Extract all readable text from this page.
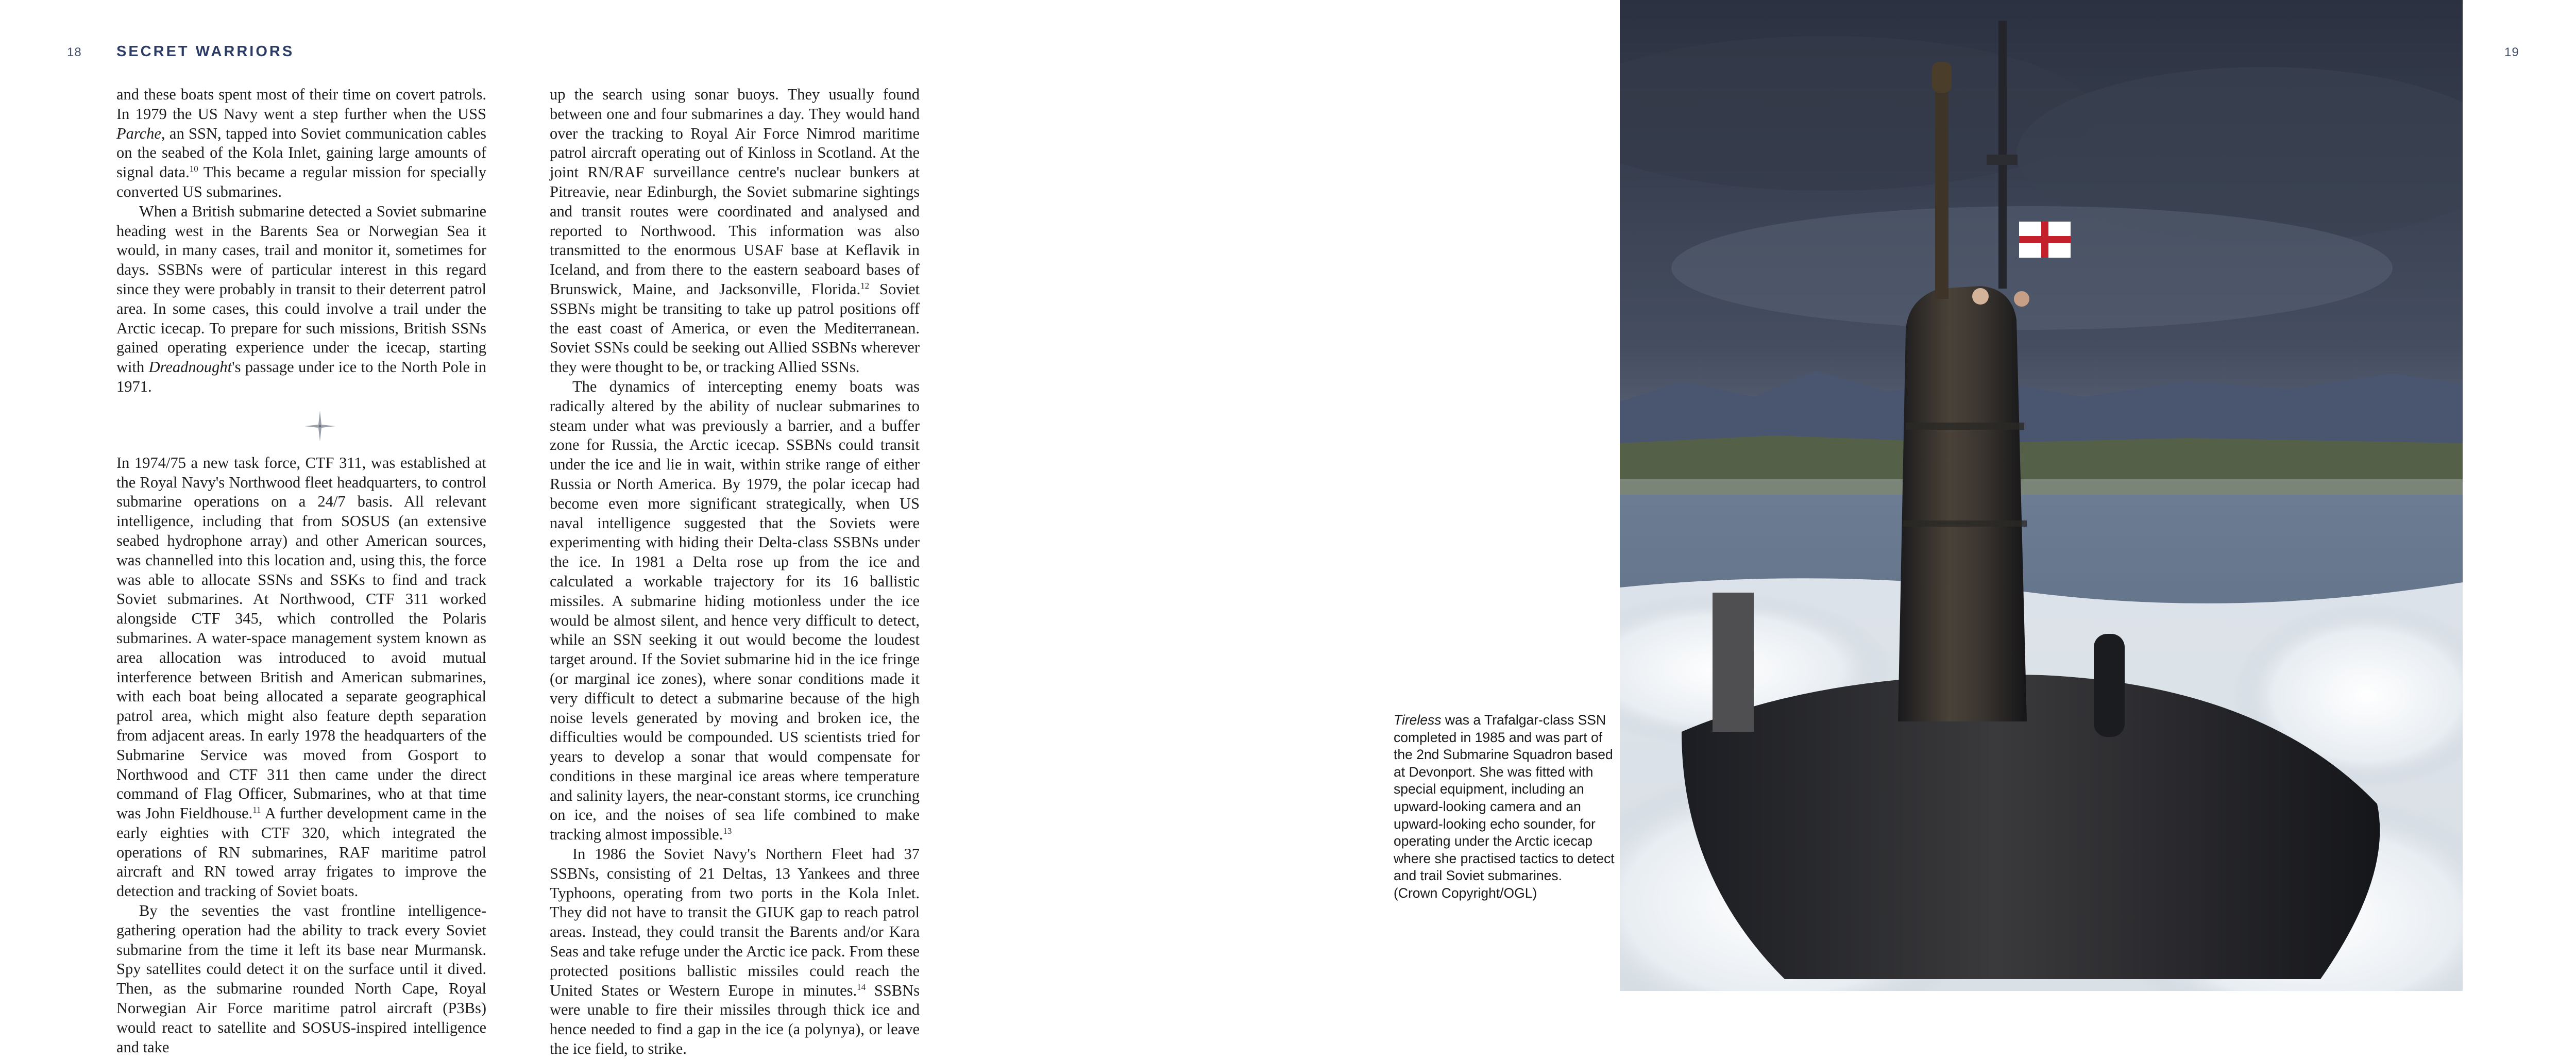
18 SECRET WARRIORS

and these boats spent most of their time on covert patrols. In 1979 the US Navy went a step further when the USS Parche, an SSN, tapped into Soviet communication cables on the seabed of the Kola Inlet, gaining large amounts of signal data.$^{10}$ This became a regular mission for specially converted US submarines.

When a British submarine detected a Soviet submarine heading west in the Barents Sea or Norwegian Sea it would, in many cases, trail and monitor it, sometimes for days. SSBNs were of particular interest in this regard since they were probably in transit to their deterrent patrol area. In some cases, this could involve a trail under the Arctic icecap. To prepare for such missions, British SSNs gained operating experience under the icecap, starting with Dreadnought's passage under ice to the North Pole in 1971.

In 1974/75 a new task force, CTF 311, was established at the Royal Navy's Northwood fleet headquarters, to control submarine operations on a 24/7 basis. All relevant intelligence, including that from SOSUS (an extensive seabed hydrophone array) and other American sources, was channelled into this location and, using this, the force was able to allocate SSNs and SSKs to find and track Soviet submarines. At Northwood, CTF 311 worked alongside CTF 345, which controlled the Polaris submarines. A water-space management system known as area allocation was introduced to avoid mutual interference between British and American submarines, with each boat being allocated a separate geographical patrol area, which might also feature depth separation from adjacent areas. In early 1978 the headquarters of the Submarine Service was moved from Gosport to Northwood and CTF 311 then came under the direct command of Flag Officer, Submarines, who at that time was John Fieldhouse.$^{11}$ A further development came in the early eighties with CTF 320, which integrated the operations of RN submarines, RAF maritime patrol aircraft and RN towed array frigates to improve the detection and tracking of Soviet boats.

By the seventies the vast frontline intelligence-gathering operation had the ability to track every Soviet submarine from the time it left its base near Murmansk. Spy satellites could detect it on the surface until it dived. Then, as the submarine rounded North Cape, Royal Norwegian Air Force maritime patrol aircraft (P3Bs) would react to satellite and SOSUS-inspired intelligence and take

up the search using sonar buoys. They usually found between one and four submarines a day. They would hand over the tracking to Royal Air Force Nimrod maritime patrol aircraft operating out of Kinloss in Scotland. At the joint RN/RAF surveillance centre's nuclear bunkers at Pitreavie, near Edinburgh, the Soviet submarine sightings and transit routes were coordinated and analysed and reported to Northwood. This information was also transmitted to the enormous USAF base at Keflavik in Iceland, and from there to the eastern seaboard bases of Brunswick, Maine, and Jacksonville, Florida.$^{12}$ Soviet SSBNs might be transiting to take up patrol positions off the east coast of America, or even the Mediterranean. Soviet SSNs could be seeking out Allied SSBNs wherever they were thought to be, or tracking Allied SSNs.

The dynamics of intercepting enemy boats was radically altered by the ability of nuclear submarines to steam under what was previously a barrier, and a buffer zone for Russia, the Arctic icecap. SSBNs could transit under the ice and lie in wait, within strike range of either Russia or North America. By 1979, the polar icecap had become even more significant strategically, when US naval intelligence suggested that the Soviets were experimenting with hiding their Delta-class SSBNs under the ice. In 1981 a Delta rose up from the ice and calculated a workable trajectory for its 16 ballistic missiles. A submarine hiding motionless under the ice would be almost silent, and hence very difficult to detect, while an SSN seeking it out would become the loudest target around. If the Soviet submarine hid in the ice fringe (or marginal ice zones), where sonar conditions made it very difficult to detect a submarine because of the high noise levels generated by moving and broken ice, the difficulties would be compounded. US scientists tried for years to develop a sonar that would compensate for conditions in these marginal ice areas where temperature and salinity layers, the near-constant storms, ice crunching on ice, and the noises of sea life combined to make tracking almost impossible.$^{13}$

In 1986 the Soviet Navy's Northern Fleet had 37 SSBNs, consisting of 21 Deltas, 13 Yankees and three Typhoons, operating from two ports in the Kola Inlet. They did not have to transit the GIUK gap to reach patrol areas. Instead, they could transit the Barents and/or Kara Seas and take refuge under the Arctic ice pack. From these protected positions ballistic missiles could reach the United States or Western Europe in minutes.$^{14}$ SSBNs were unable to fire their missiles through thick ice and hence needed to find a gap in the ice (a polynya), or leave the ice field, to strike.

19
Tireless was a Trafalgar-class SSN completed in 1985 and was part of the 2nd Submarine Squadron based at Devonport. She was fitted with special equipment, including an upward-looking camera and an upward-looking echo sounder, for operating under the Arctic icecap where she practised tactics to detect and trail Soviet submarines.
(Crown Copyright/OGL)
